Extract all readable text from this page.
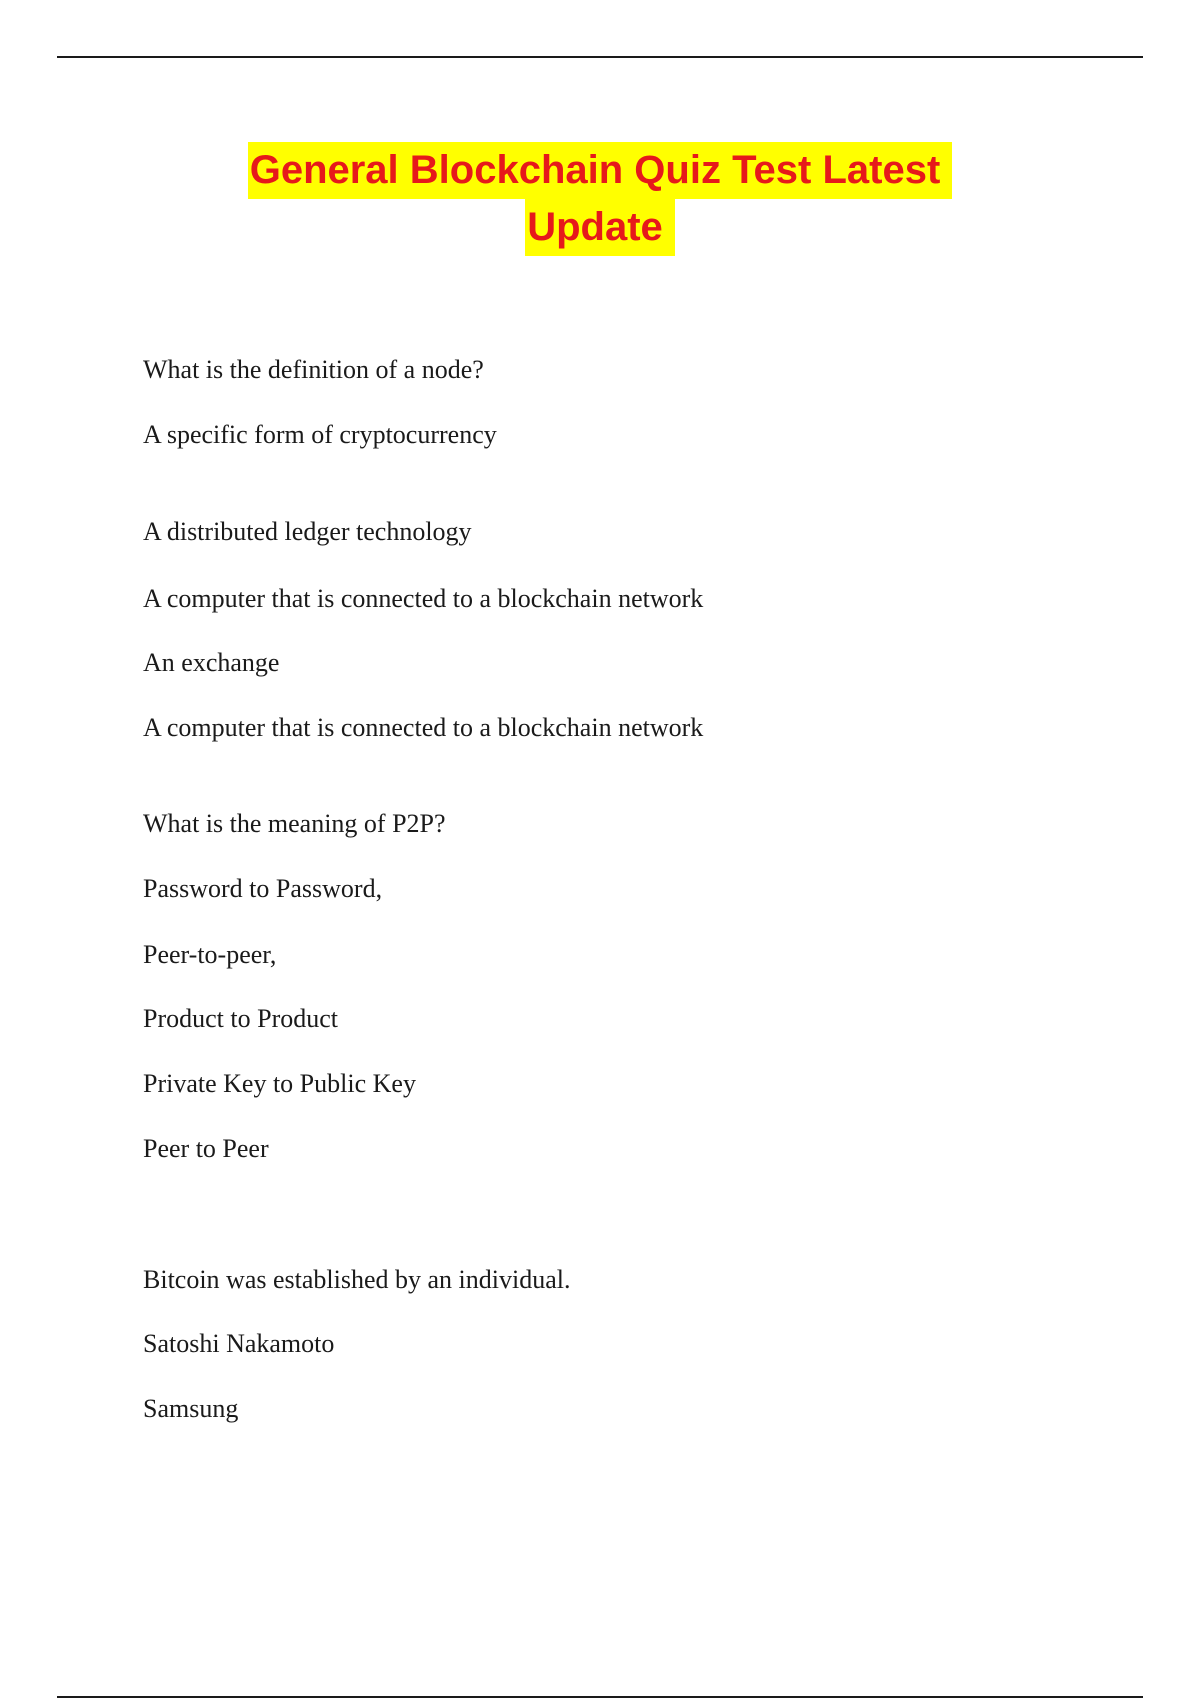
General Blockchain Quiz Test Latest
Update
What is the definition of a node?
A specific form of cryptocurrency
A distributed ledger technology
A computer that is connected to a blockchain network
An exchange
A computer that is connected to a blockchain network
What is the meaning of P2P?
Password to Password,
Peer-to-peer,
Product to Product
Private Key to Public Key
Peer to Peer
Bitcoin was established by an individual.
Satoshi Nakamoto
Samsung
